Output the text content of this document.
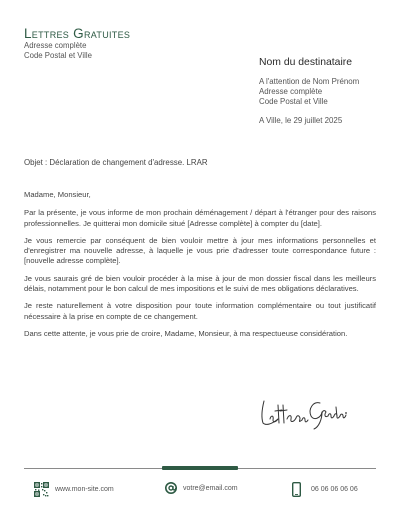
Lettres Gratuites
Adresse complète
Code Postal et Ville
Nom du destinataire
A l'attention de Nom Prénom
Adresse complète
Code Postal et Ville
A Ville, le 29 juillet 2025
Objet : Déclaration de changement d'adresse. LRAR

Madame, Monsieur,

Par la présente, je vous informe de mon prochain déménagement / départ à l'étranger pour des raisons professionnelles. Je quitterai mon domicile situé [Adresse complète] à compter du [date].

Je vous remercie par conséquent de bien vouloir mettre à jour mes informations personnelles et d'enregistrer ma nouvelle adresse, à laquelle je vous prie d'adresser toute correspondance future : [nouvelle adresse complète].

Je vous saurais gré de bien vouloir procéder à la mise à jour de mon dossier fiscal dans les meilleurs délais, notamment pour le bon calcul de mes impositions et le suivi de mes obligations déclaratives.

Je reste naturellement à votre disposition pour toute information complémentaire ou tout justificatif nécessaire à la prise en compte de ce changement.

Dans cette attente, je vous prie de croire, Madame, Monsieur, à ma respectueuse considération.

www.mon-site.com	votre@email.com	06 06 06 06 06
